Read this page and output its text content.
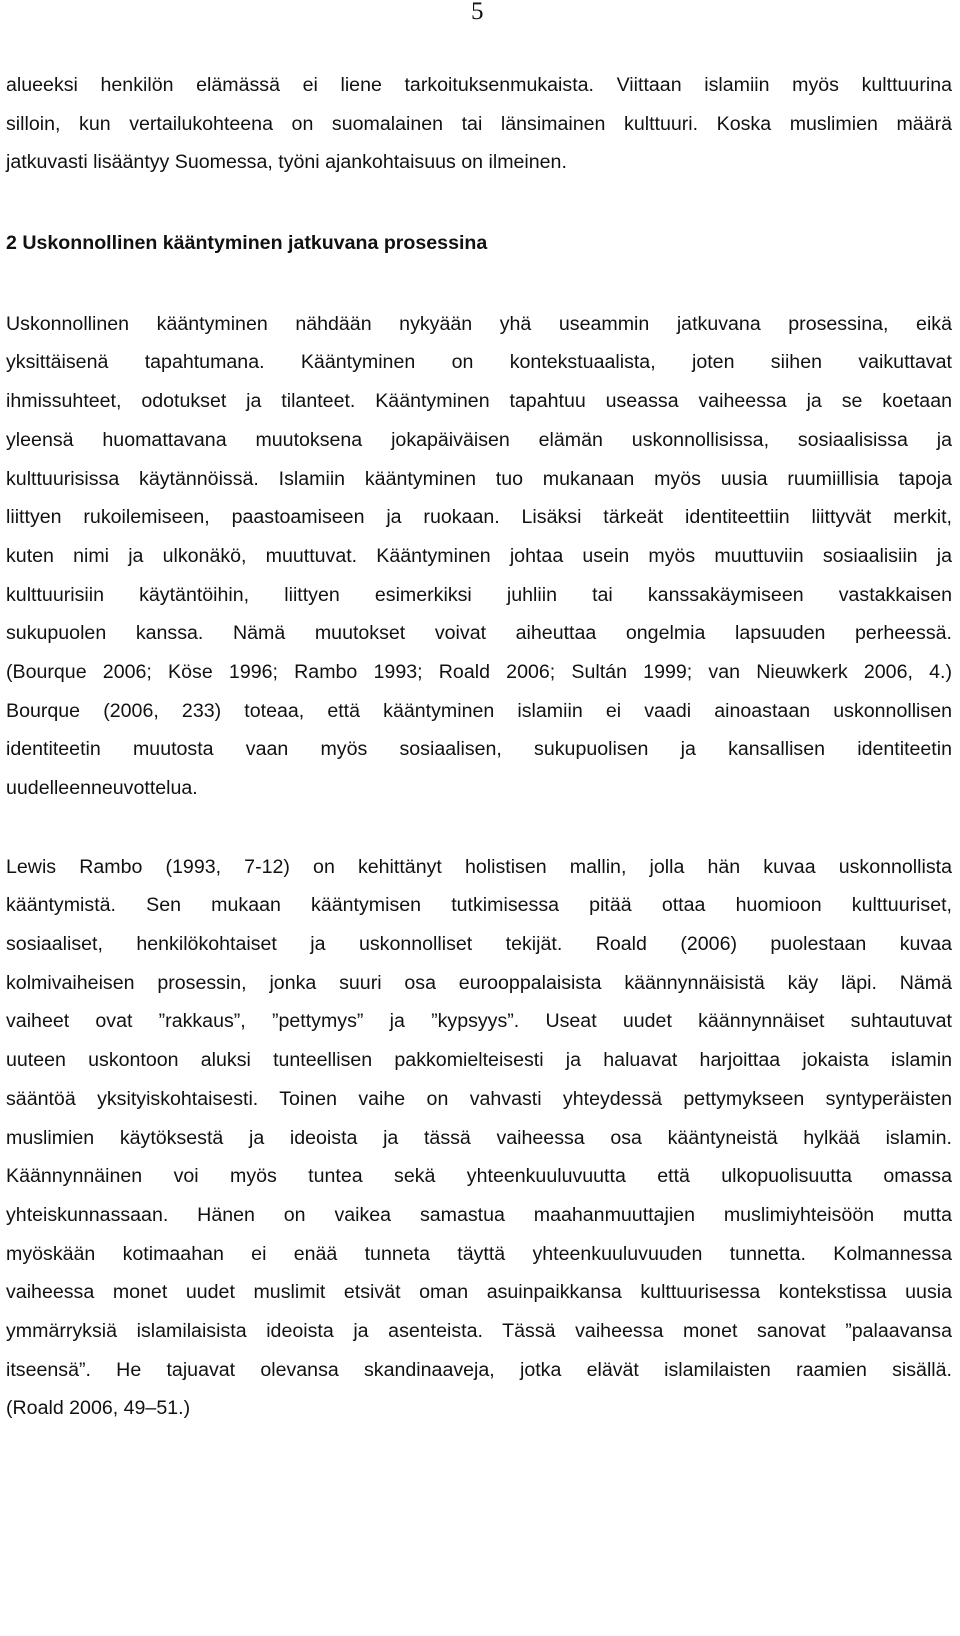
5
alueeksi henkilön elämässä ei liene tarkoituksenmukaista. Viittaan islamiin myös kulttuurina
silloin, kun vertailukohteena on suomalainen tai länsimainen kulttuuri. Koska muslimien määrä
jatkuvasti lisääntyy Suomessa, työni ajankohtaisuus on ilmeinen.
2 Uskonnollinen kääntyminen jatkuvana prosessina
Uskonnollinen kääntyminen nähdään nykyään yhä useammin jatkuvana prosessina, eikä
yksittäisenä tapahtumana. Kääntyminen on kontekstuaalista, joten siihen vaikuttavat
ihmissuhteet, odotukset ja tilanteet. Kääntyminen tapahtuu useassa vaiheessa ja se koetaan
yleensä huomattavana muutoksena jokapäiväisen elämän uskonnollisissa, sosiaalisissa ja
kulttuurisissa käytännöissä. Islamiin kääntyminen tuo mukanaan myös uusia ruumiillisia tapoja
liittyen rukoilemiseen, paastoamiseen ja ruokaan. Lisäksi tärkeät identiteettiin liittyvät merkit,
kuten nimi ja ulkonäkö, muuttuvat. Kääntyminen johtaa usein myös muuttuviin sosiaalisiin ja
kulttuurisiin käytäntöihin, liittyen esimerkiksi juhliin tai kanssakäymiseen vastakkaisen
sukupuolen kanssa. Nämä muutokset voivat aiheuttaa ongelmia lapsuuden perheessä.
(Bourque 2006; Köse 1996; Rambo 1993; Roald 2006; Sultán 1999; van Nieuwkerk 2006, 4.)
Bourque (2006, 233) toteaa, että kääntyminen islamiin ei vaadi ainoastaan uskonnollisen
identiteetin muutosta vaan myös sosiaalisen, sukupuolisen ja kansallisen identiteetin
uudelleenneuvottelua.
Lewis Rambo (1993, 7-12) on kehittänyt holistisen mallin, jolla hän kuvaa uskonnollista
kääntymistä. Sen mukaan kääntymisen tutkimisessa pitää ottaa huomioon kulttuuriset,
sosiaaliset, henkilökohtaiset ja uskonnolliset tekijät. Roald (2006) puolestaan kuvaa
kolmivaiheisen prosessin, jonka suuri osa eurooppalaisista käännynnäisistä käy läpi. Nämä
vaiheet ovat ”rakkaus”, ”pettymys” ja ”kypsyys”. Useat uudet käännynnäiset suhtautuvat
uuteen uskontoon aluksi tunteellisen pakkomielteisesti ja haluavat harjoittaa jokaista islamin
sääntöä yksityiskohtaisesti. Toinen vaihe on vahvasti yhteydessä pettymykseen syntyperäisten
muslimien käytöksestä ja ideoista ja tässä vaiheessa osa kääntyneistä hylkää islamin.
Käännynnäinen voi myös tuntea sekä yhteenkuuluvuutta että ulkopuolisuutta omassa
yhteiskunnassaan. Hänen on vaikea samastua maahanmuuttajien muslimiyhteisöön mutta
myöskään kotimaahan ei enää tunneta täyttä yhteenkuuluvuuden tunnetta. Kolmannessa
vaiheessa monet uudet muslimit etsivät oman asuinpaikkansa kulttuurisessa kontekstissa uusia
ymmärryksiä islamilaisista ideoista ja asenteista. Tässä vaiheessa monet sanovat ”palaavansa
itseensä”. He tajuavat olevansa skandinaaveja, jotka elävät islamilaisten raamien sisällä.
(Roald 2006, 49–51.)
